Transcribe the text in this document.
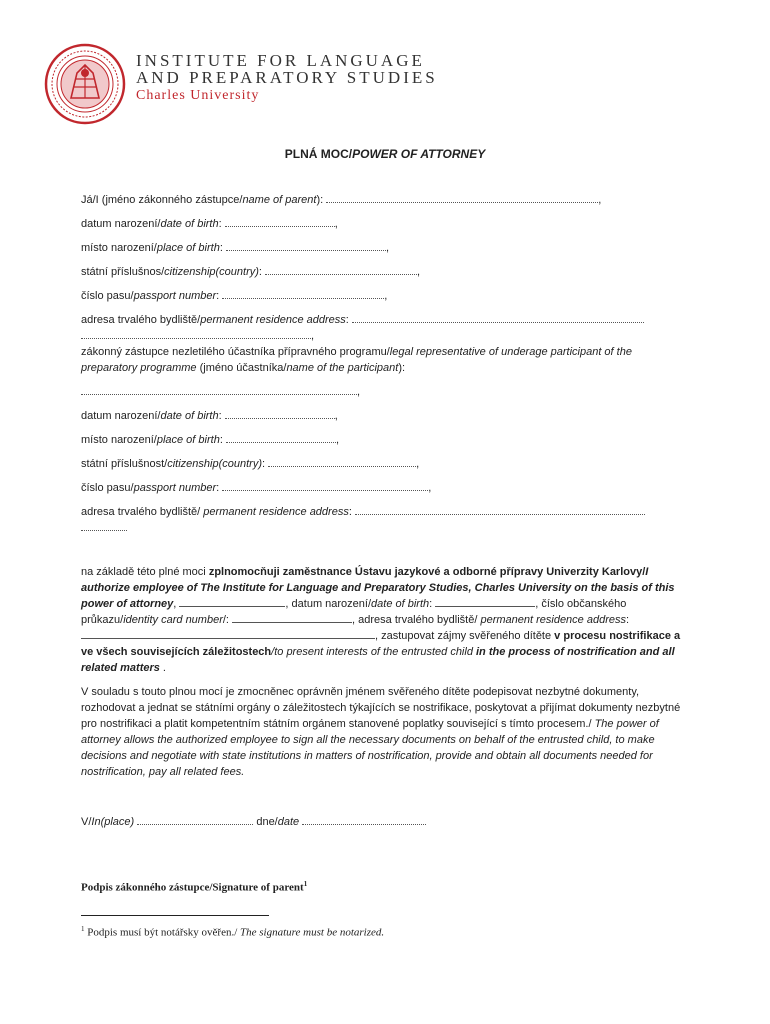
INSTITUTE FOR LANGUAGE
AND PREPARATORY STUDIES
Charles University
PLNÁ MOC/POWER OF ATTORNEY
Já/I (jméno zákonného zástupce/name of parent):	,
datum narození/date of birth:	,
místo narození/place of birth:	,
státní příslušnos/citizenship(country):	,
číslo pasu/passport number:	,
adresa trvalého bydliště/permanent residence address:
,
zákonný zástupce nezletilého účastníka přípravného programu/legal representative of underage participant of the preparatory programme (jméno účastníka/name of the participant):
,
datum narození/date of birth:	,
místo narození/place of birth:	,
státní příslušnost/citizenship(country):	,
číslo pasu/passport number:	,
adresa trvalého bydliště/ permanent residence address:
na základě této plné moci zplnomocňuji zaměstnance Ústavu jazykové a odborné přípravy Univerzity Karlovy/I authorize employee of The Institute for Language and Preparatory Studies, Charles University on the basis of this power of attorney,	, datum narození/date of birth:	, číslo občanského průkazu/identity card number/:	, adresa trvalého bydliště/ permanent residence address: , zastupovat zájmy svěřeného dítěte v procesu nostrifikace a ve všech souvisejících záležitostech/to present interests of the entrusted child in the process of nostrification and all related matters .
V souladu s touto plnou mocí je zmocněnec oprávněn jménem svěřeného dítěte podepisovat nezbytné dokumenty, rozhodovat a jednat se státními orgány o záležitostech týkajících se nostrifikace, poskytovat a přijímat dokumenty nezbytné pro nostrifikaci a platit kompetentním státním orgánem stanovené poplatky související s tímto procesem./ The power of attorney allows the authorized employee to sign all the necessary documents on behalf of the entrusted child, to make decisions and negotiate with state institutions in matters of nostrification, provide and obtain all documents needed for nostrification, pay all related fees.
V/In(place)	dne/date
Podpis zákonného zástupce/Signature of parent$^1$
$^1$ Podpis musí být notářsky ověřen./ The signature must be notarized.
